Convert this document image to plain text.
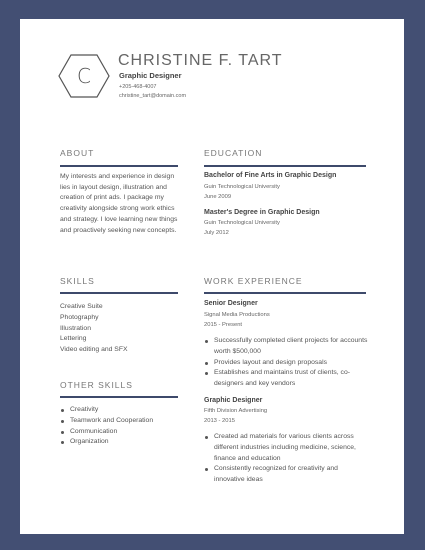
C
CHRISTINE F. TART
Graphic Designer
+205-468-4007
christine_tart@domain.com
ABOUT
My interests and experience in design lies in layout design, illustration and creation of print ads. I package my creativity alongside strong work ethics and strategy. I love learning new things and proactively seeking new concepts.
SKILLS
Creative Suite
Photography
Illustration
Lettering
Video editing and SFX
OTHER SKILLS
Creativity
Teamwork and Cooperation
Communication
Organization
EDUCATION
Bachelor of Fine Arts in Graphic Design
Guin Technological University
June 2009
Master's Degree in Graphic Design
Guin Technological University
July 2012
WORK EXPERIENCE
Senior Designer
Signal Media Productions
2015 - Present
Successfully completed client projects for accounts worth $500,000
Provides layout and design proposals
Establishes and maintains trust of clients, co-designers and key vendors
Graphic Designer
Fifth Division Advertising
2013 - 2015
Created ad materials for various clients across different industries including medicine, science, finance and education
Consistently recognized for creativity and innovative ideas
